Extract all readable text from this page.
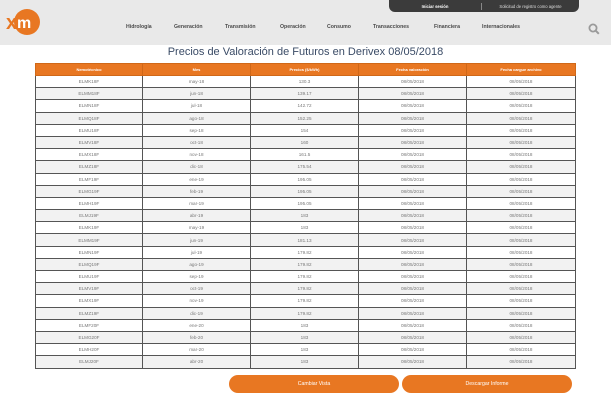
x m
Iniciar sesión	Solicitud de registro como agente
Hidrología	Generación	Transmisión	Operación	Consumo	Transacciones	Financiera	Internacionales
Precios de Valoración de Futuros en Derivex 08/05/2018
Nemotécnico	Mes	Precios ($/kWh)	Fecha valoración	Fecha cargue archivo
ELMK18F	may-18	130.3	08/05/2018	08/05/2018
ELMM18F	jun-18	139.17	08/05/2018	08/05/2018
ELMN18F	jul-18	142.72	08/05/2018	08/05/2018
ELMQ18F	ago-18	152.25	08/05/2018	08/05/2018
ELMU18F	sep-18	154	08/05/2018	08/05/2018
ELMV18F	oct-18	160	08/05/2018	08/05/2018
ELMX18F	nov-18	161.5	08/05/2018	08/05/2018
ELMZ18F	dic-18	175.54	08/05/2018	08/05/2018
ELMF19F	ene-19	195.05	08/05/2018	08/05/2018
ELMG19F	feb-19	195.05	08/05/2018	08/05/2018
ELMH19F	mar-19	195.05	08/05/2018	08/05/2018
ELMJ19F	abr-19	183	08/05/2018	08/05/2018
ELMK19F	may-19	183	08/05/2018	08/05/2018
ELMM19F	jun-19	181.13	08/05/2018	08/05/2018
ELMN19F	jul-19	179.82	08/05/2018	08/05/2018
ELMQ19F	ago-19	179.82	08/05/2018	08/05/2018
ELMU19F	sep-19	179.82	08/05/2018	08/05/2018
ELMV19F	oct-19	179.82	08/05/2018	08/05/2018
ELMX19F	nov-19	179.82	08/05/2018	08/05/2018
ELMZ19F	dic-19	179.82	08/05/2018	08/05/2018
ELMF20F	ene-20	183	08/05/2018	08/05/2018
ELMG20F	feb-20	183	08/05/2018	08/05/2018
ELMH20F	mar-20	183	08/05/2018	08/05/2018
ELMJ20F	abr-20	183	08/05/2018	08/05/2018
Cambiar Vista	Descargar Informe
